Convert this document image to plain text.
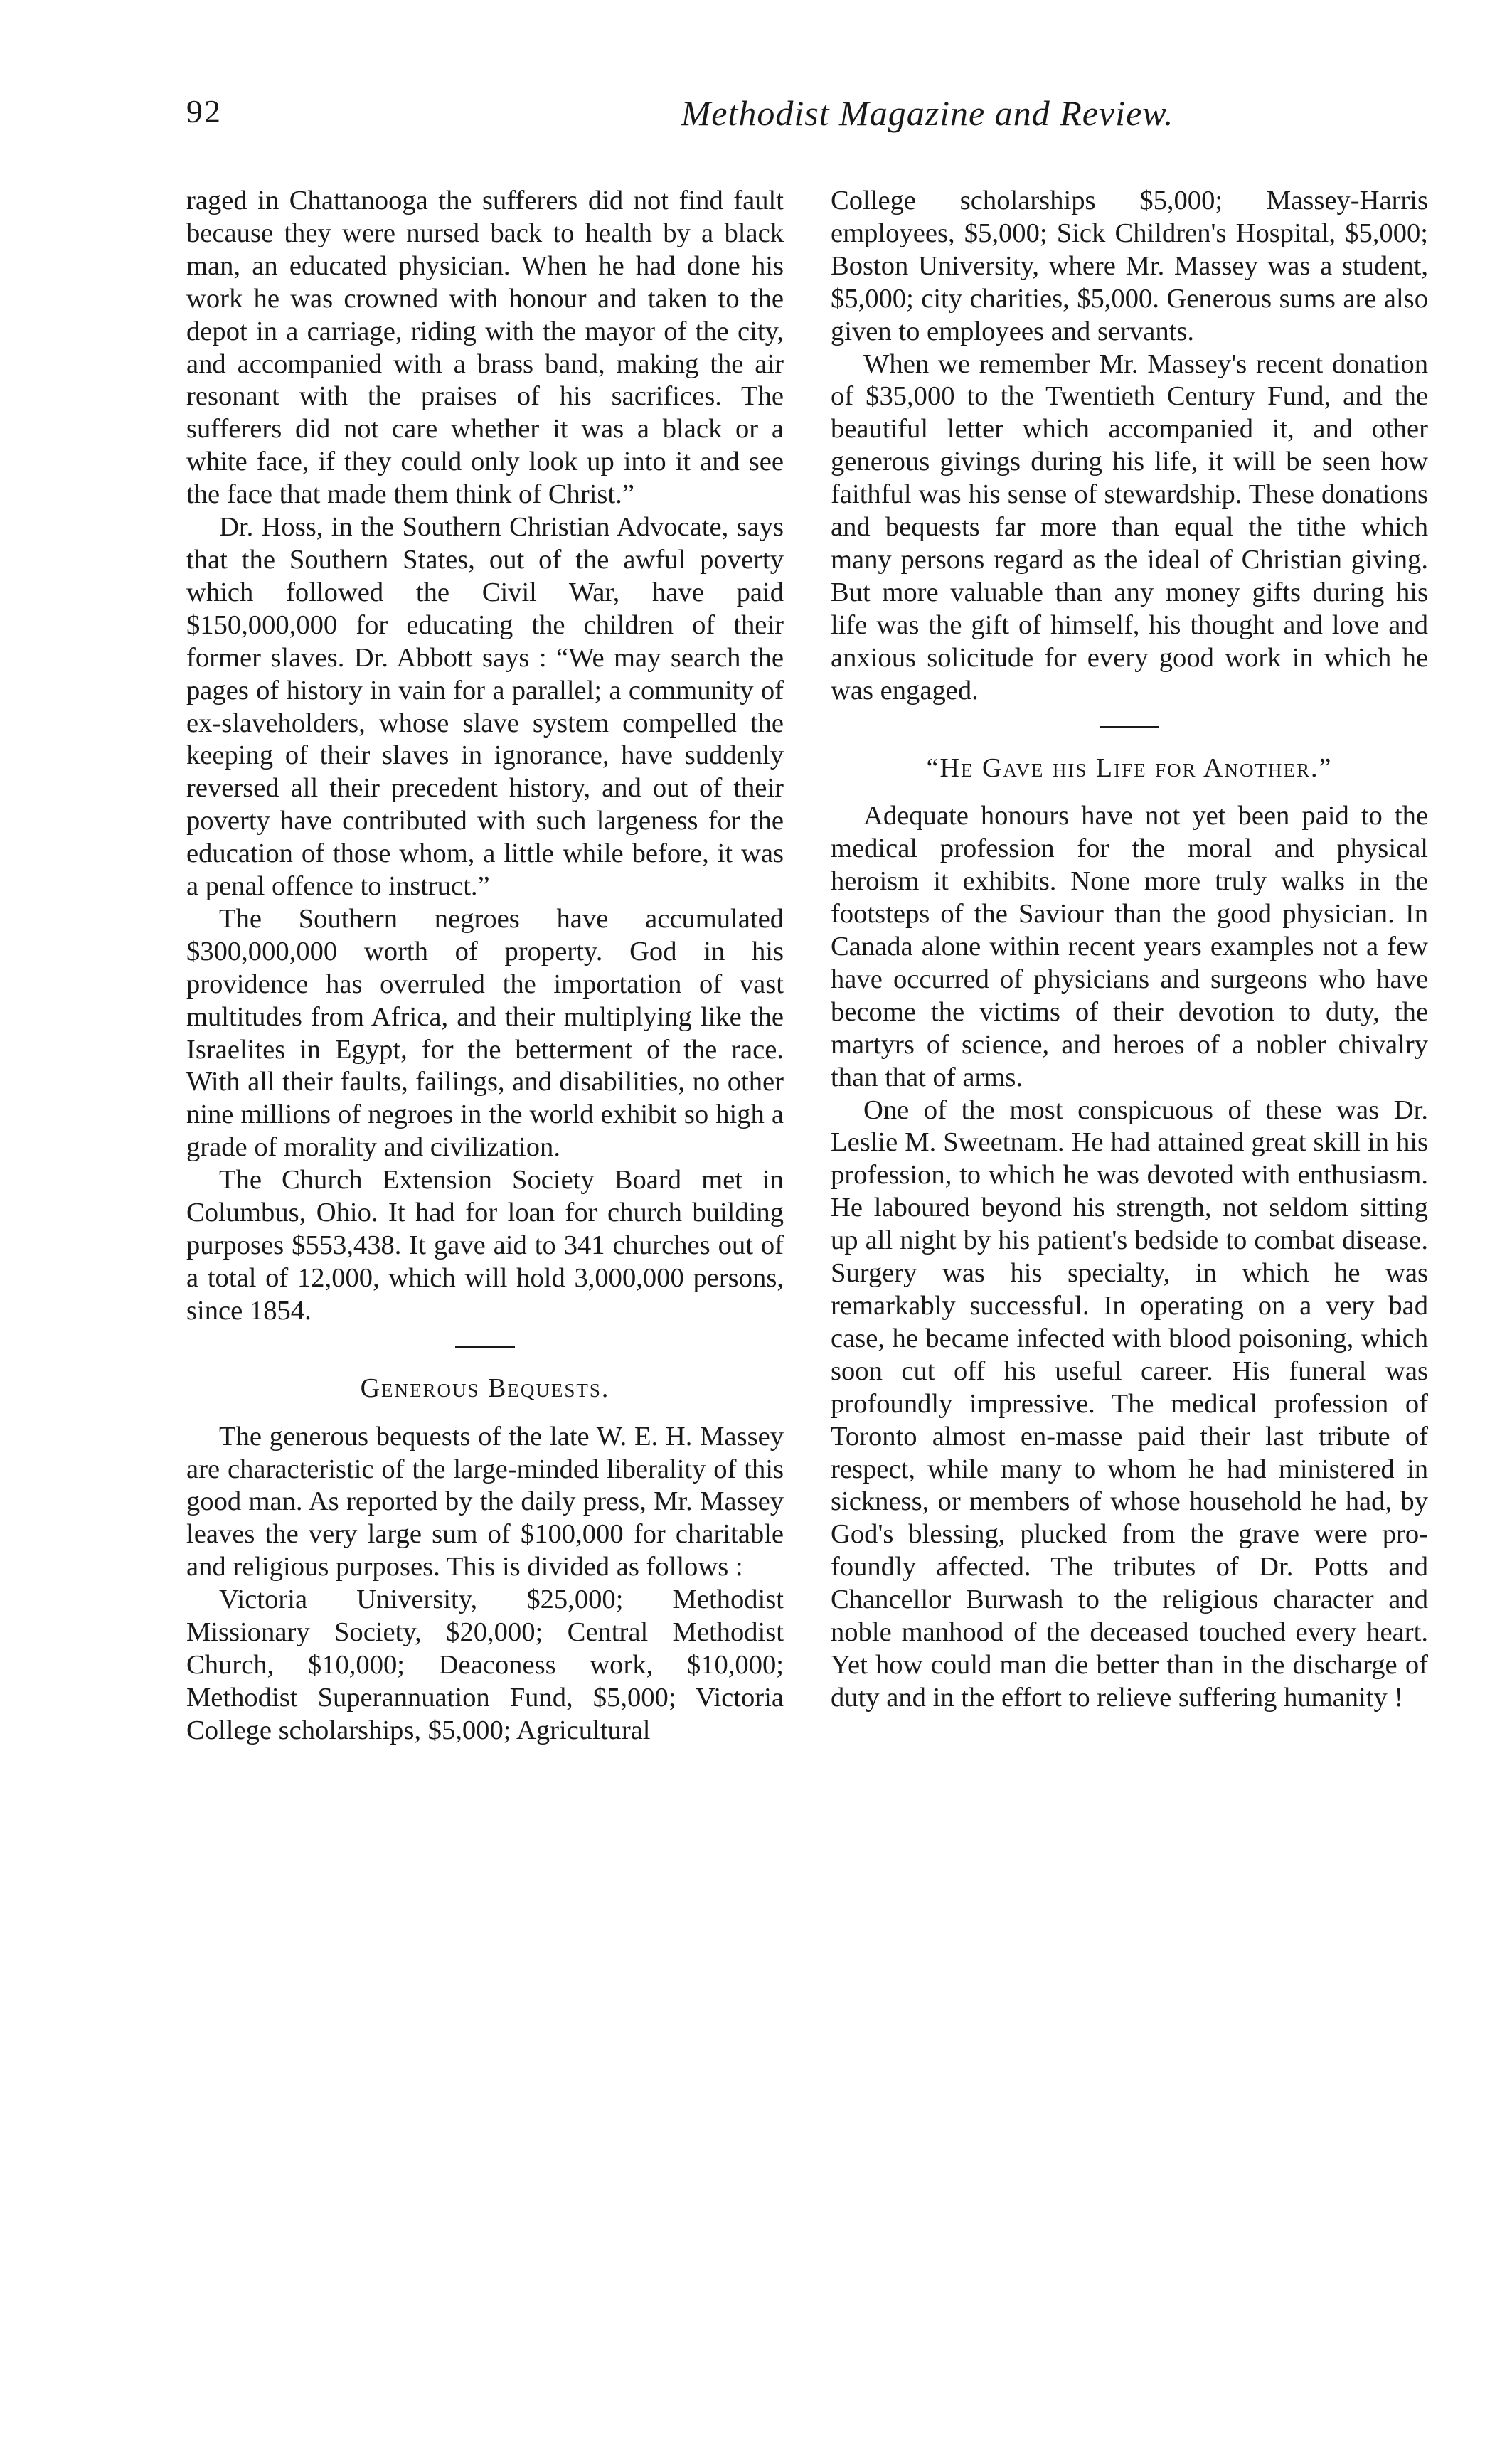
92	Methodist Magazine and Review.

raged in Chattanooga the sufferers did not find fault because they were nursed back to health by a black man, an educated physician. When he had done his work he was crowned with honour and taken to the depot in a carriage, riding with the mayor of the city, and accompanied with a brass band, making the air resonant with the praises of his sacrifices. The sufferers did not care whether it was a black or a white face, if they could only look up into it and see the face that made them think of Christ.”

Dr. Hoss, in the Southern Christian Advocate, says that the Southern States, out of the awful poverty which followed the Civil War, have paid $150,000,000 for educating the children of their former slaves. Dr. Abbott says : “We may search the pages of history in vain for a parallel; a community of ex-slaveholders, whose slave system compelled the keeping of their slaves in ignorance, have suddenly reversed all their precedent history, and out of their poverty have contributed with such largeness for the education of those whom, a little while before, it was a penal offence to instruct.”

The Southern negroes have accumulated $300,000,000 worth of property. God in his providence has overruled the importation of vast multitudes from Africa, and their multiplying like the Israelites in Egypt, for the betterment of the race. With all their faults, failings, and disabilities, no other nine millions of negroes in the world exhibit so high a grade of morality and civilization.

The Church Extension Society Board met in Columbus, Ohio. It had for loan for church building purposes $553,438. It gave aid to 341 churches out of a total of 12,000, which will hold 3,000,000 persons, since 1854.

Generous Bequests.

The generous bequests of the late W. E. H. Massey are characteristic of the large-minded liberality of this good man. As reported by the daily press, Mr. Massey leaves the very large sum of $100,000 for charitable and religious purposes. This is divided as follows :

Victoria University, $25,000; Methodist Missionary Society, $20,000; Central Methodist Church, $10,000; Deaconess work, $10,000; Methodist Superannuation Fund, $5,000; Victoria College scholarships, $5,000; Agricultural

College scholarships $5,000; Massey-Harris employees, $5,000; Sick Children's Hospital, $5,000; Boston University, where Mr. Massey was a student, $5,000; city charities, $5,000. Generous sums are also given to employees and servants.

When we remember Mr. Massey's recent donation of $35,000 to the Twentieth Century Fund, and the beautiful letter which accompanied it, and other generous givings during his life, it will be seen how faithful was his sense of stewardship. These donations and bequests far more than equal the tithe which many persons regard as the ideal of Christian giving. But more valuable than any money gifts during his life was the gift of himself, his thought and love and anxious solicitude for every good work in which he was engaged.

“He Gave his Life for Another.”

Adequate honours have not yet been paid to the medical profession for the moral and physical heroism it exhibits. None more truly walks in the footsteps of the Saviour than the good physician. In Canada alone within recent years examples not a few have occurred of physicians and surgeons who have become the victims of their devotion to duty, the martyrs of science, and heroes of a nobler chivalry than that of arms.

One of the most conspicuous of these was Dr. Leslie M. Sweetnam. He had attained great skill in his profession, to which he was devoted with enthusiasm. He laboured beyond his strength, not seldom sitting up all night by his patient's bedside to combat disease. Surgery was his specialty, in which he was remarkably successful. In operating on a very bad case, he became infected with blood poisoning, which soon cut off his useful career. His funeral was profoundly impressive. The medical profession of Toronto almost en-masse paid their last tribute of respect, while many to whom he had ministered in sickness, or members of whose household he had, by God's blessing, plucked from the grave were profoundly affected. The tributes of Dr. Potts and Chancellor Burwash to the religious character and noble manhood of the deceased touched every heart. Yet how could man die better than in the discharge of duty and in the effort to relieve suffering humanity !
